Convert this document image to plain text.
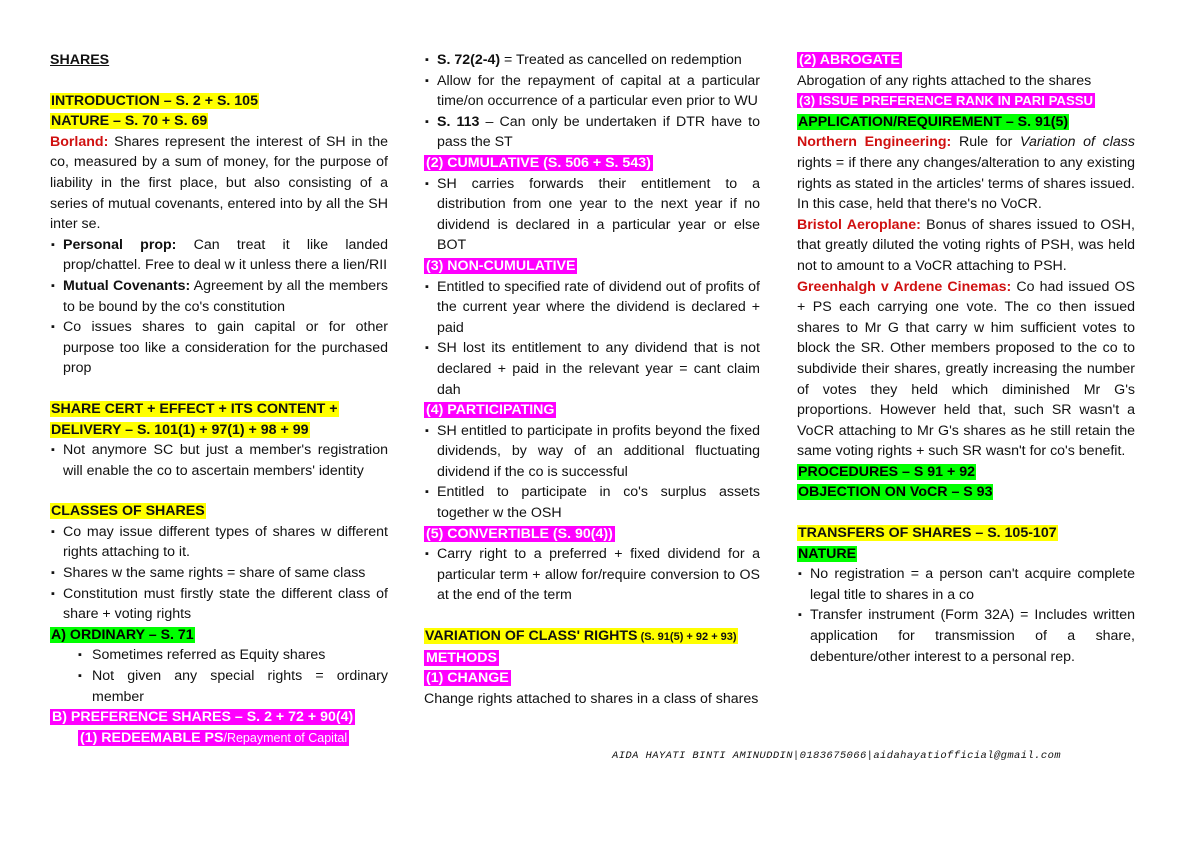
SHARES
INTRODUCTION – S. 2 + S. 105
NATURE – S. 70 + S. 69
Borland: Shares represent the interest of SH in the co, measured by a sum of money, for the purpose of liability in the first place, but also consisting of a series of mutual covenants, entered into by all the SH inter se.
▪ Personal prop: Can treat it like landed prop/chattel. Free to deal w it unless there a lien/RII
▪ Mutual Covenants: Agreement by all the members to be bound by the co's constitution
▪ Co issues shares to gain capital or for other purpose too like a consideration for the purchased prop
SHARE CERT + EFFECT + ITS CONTENT +
DELIVERY – S. 101(1) + 97(1) + 98 + 99
▪ Not anymore SC but just a member's registration will enable the co to ascertain members' identity
CLASSES OF SHARES
▪ Co may issue different types of shares w different rights attaching to it.
▪ Shares w the same rights = share of same class
▪ Constitution must firstly state the different class of share + voting rights
A) ORDINARY – S. 71
▪ Sometimes referred as Equity shares
▪ Not given any special rights = ordinary member
B) PREFERENCE SHARES – S. 2 + 72 + 90(4)
(1) REDEEMABLE PS/Repayment of Capital
▪ S. 72(2-4) = Treated as cancelled on redemption
▪ Allow for the repayment of capital at a particular time/on occurrence of a particular even prior to WU
▪ S. 113 – Can only be undertaken if DTR have to pass the ST
(2) CUMULATIVE (S. 506 + S. 543)
▪ SH carries forwards their entitlement to a distribution from one year to the next year if no dividend is declared in a particular year or else BOT
(3) NON-CUMULATIVE
▪ Entitled to specified rate of dividend out of profits of the current year where the dividend is declared + paid
▪ SH lost its entitlement to any dividend that is not declared + paid in the relevant year = cant claim dah
(4) PARTICIPATING
▪ SH entitled to participate in profits beyond the fixed dividends, by way of an additional fluctuating dividend if the co is successful
▪ Entitled to participate in co's surplus assets together w the OSH
(5) CONVERTIBLE (S. 90(4))
▪ Carry right to a preferred + fixed dividend for a particular term + allow for/require conversion to OS at the end of the term
VARIATION OF CLASS' RIGHTS (S. 91(5) + 92 + 93)
METHODS
(1) CHANGE
Change rights attached to shares in a class of shares
(2) ABROGATE
Abrogation of any rights attached to the shares
(3) ISSUE PREFERENCE RANK IN PARI PASSU
APPLICATION/REQUIREMENT – S. 91(5)
Northern Engineering: Rule for Variation of class rights = if there any changes/alteration to any existing rights as stated in the articles' terms of shares issued. In this case, held that there's no VoCR.
Bristol Aeroplane: Bonus of shares issued to OSH, that greatly diluted the voting rights of PSH, was held not to amount to a VoCR attaching to PSH.
Greenhalgh v Ardene Cinemas: Co had issued OS + PS each carrying one vote. The co then issued shares to Mr G that carry w him sufficient votes to block the SR. Other members proposed to the co to subdivide their shares, greatly increasing the number of votes they held which diminished Mr G's proportions. However held that, such SR wasn't a VoCR attaching to Mr G's shares as he still retain the same voting rights + such SR wasn't for co's benefit.
PROCEDURES – S 91 + 92
OBJECTION ON VoCR – S 93
TRANSFERS OF SHARES – S. 105-107
NATURE
▪ No registration = a person can't acquire complete legal title to shares in a co
▪ Transfer instrument (Form 32A) = Includes written application for transmission of a share, debenture/other interest to a personal rep.
AIDA HAYATI BINTI AMINUDDIN|0183675066|aidahayatiofficial@gmail.com
